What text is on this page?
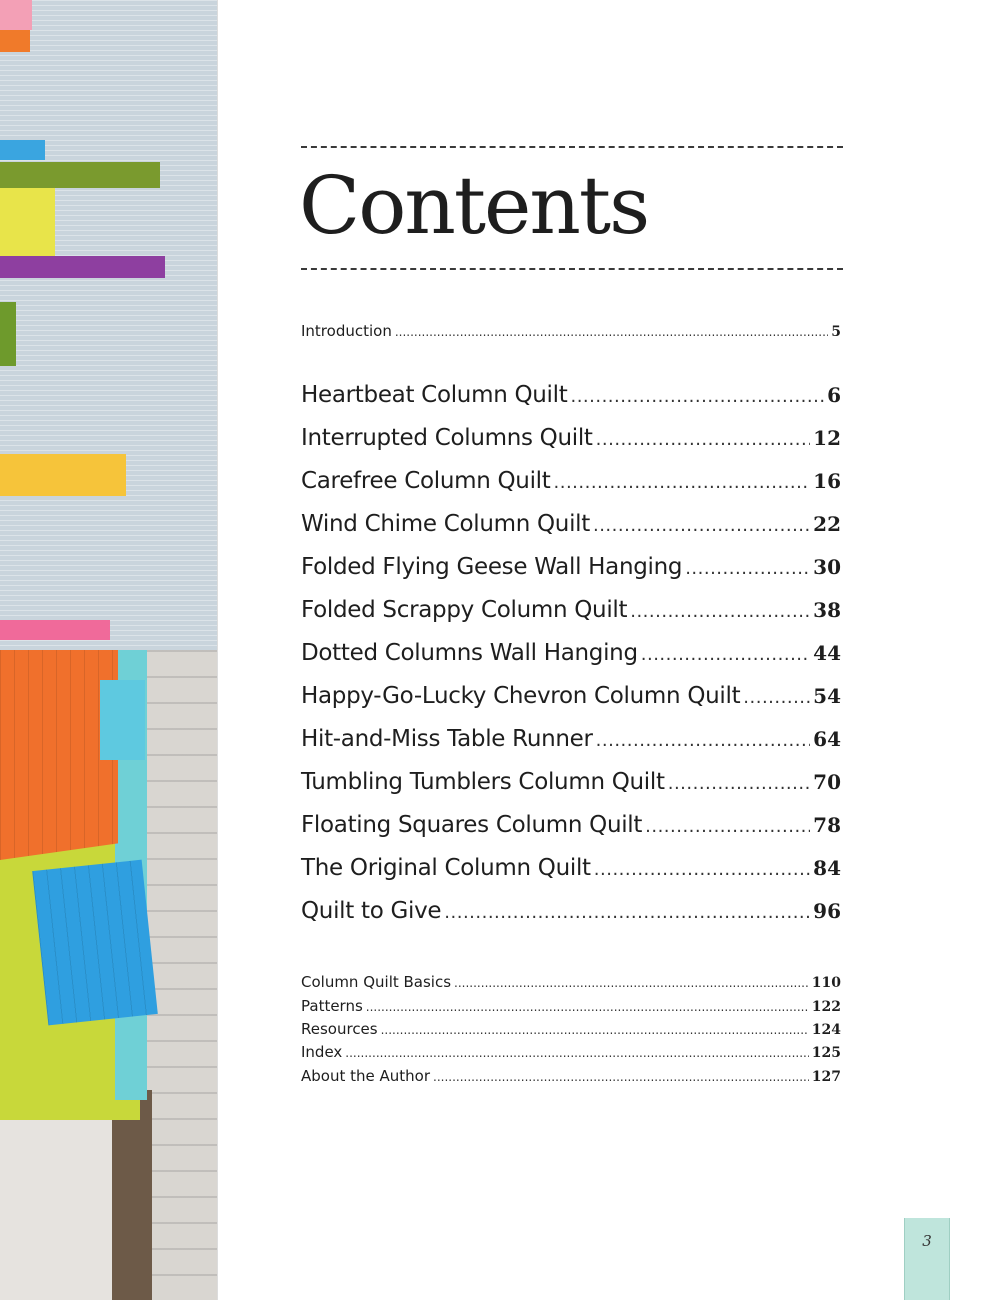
Contents
Introduction .....	5
Heartbeat Column Quilt .....	6
Interrupted Columns Quilt .....	12
Carefree Column Quilt .....	16
Wind Chime Column Quilt .....	22
Folded Flying Geese Wall Hanging .....	30
Folded Scrappy Column Quilt .....	38
Dotted Columns Wall Hanging .....	44
Happy-Go-Lucky Chevron Column Quilt .....	54
Hit-and-Miss Table Runner .....	64
Tumbling Tumblers Column Quilt .....	70
Floating Squares Column Quilt .....	78
The Original Column Quilt .....	84
Quilt to Give .....	96
Column Quilt Basics .....	110
Patterns .....	122
Resources .....	124
Index .....	125
About the Author .....	127
3
